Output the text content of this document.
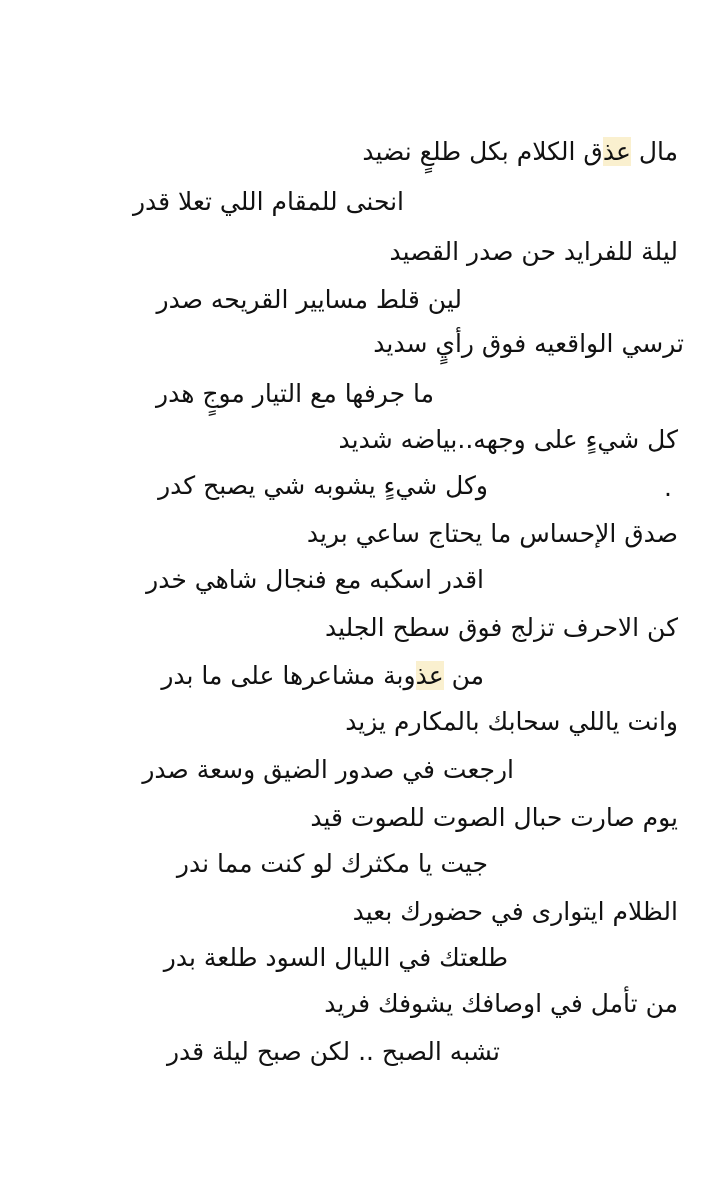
مال عذق الكلام بكل طلعٍ نضيد
انحنى للمقام اللي تعلا قدر
ليلة للفرايد حن صدر القصيد
لين قلط مسايير القريحه صدر
ترسي الواقعيه فوق رأيٍ سديد
ما جرفها مع التيار موجٍ هدر
كل شيءٍ على وجهه..بياضه شديد
.
وكل شيءٍ يشوبه شي يصبح كدر
صدق الإحساس ما يحتاج ساعي بريد
اقدر اسكبه مع فنجال شاهي خدر
كن الاحرف تزلج فوق سطح الجليد
من عذوبة مشاعرها على ما بدر
وانت ياللي سحابك بالمكارم يزيد
ارجعت في صدور الضيق وسعة صدر
يوم صارت حبال الصوت للصوت قيد
جيت يا مكثرك لو كنت مما ندر
الظلام ايتوارى في حضورك بعيد
طلعتك في الليال السود طلعة بدر
من تأمل في اوصافك يشوفك فريد
تشبه الصبح .. لكن صبح ليلة قدر
